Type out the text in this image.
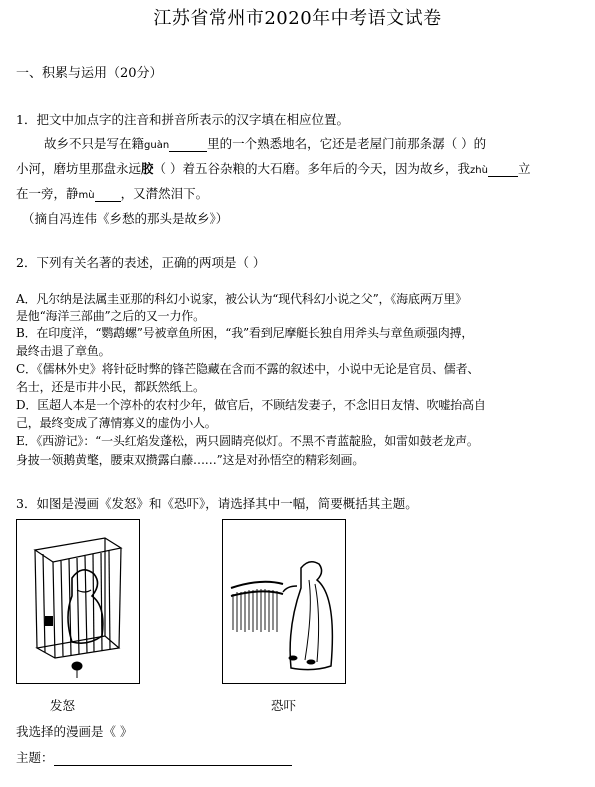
江苏省常州市2020年中考语文试卷
一、积累与运用（20分）
1．把文中加点字的注音和拼音所表示的汉字填在相应位置。
故乡不只是写在籍guàn	里的一个熟悉地名，它还是老屋门前那条潺（ ）的
小河，磨坊里那盘永远㬵（ ）着五谷杂粮的大石磨。多年后的今天，因为故乡，我zhù 立
在一旁，静mù ，又潸然泪下。
（摘自冯连伟《乡愁的那头是故乡》）
2．下列有关名著的表述，正确的两项是（ ）
A．凡尔纳是法属圭亚那的科幻小说家，被公认为“现代科幻小说之父”，《海底两万里》
是他“海洋三部曲”之后的又一力作。
B．在印度洋，“鹦鹉螺”号被章鱼所困，“我”看到尼摩艇长独自用斧头与章鱼顽强肉搏，
最终击退了章鱼。
C．《儒林外史》将针砭时弊的锋芒隐藏在含而不露的叙述中，小说中无论是官员、儒者、
名士，还是市井小民，都跃然纸上。
D．匡超人本是一个淳朴的农村少年，做官后，不顾结发妻子，不念旧日友情、吹嘘抬高自
己，最终变成了薄情寡义的虚伪小人。
E．《西游记》：“一头红焰发蓬松，两只圆睛亮似灯。不黑不青蓝靛脸，如雷如鼓老龙声。
身披一领鹅黄氅，腰束双攒露白藤……”这是对孙悟空的精彩刻画。
3．如图是漫画《发怒》和《恐吓》，请选择其中一幅，简要概括其主题。
发怒	恐吓
我选择的漫画是《 》
主题：
